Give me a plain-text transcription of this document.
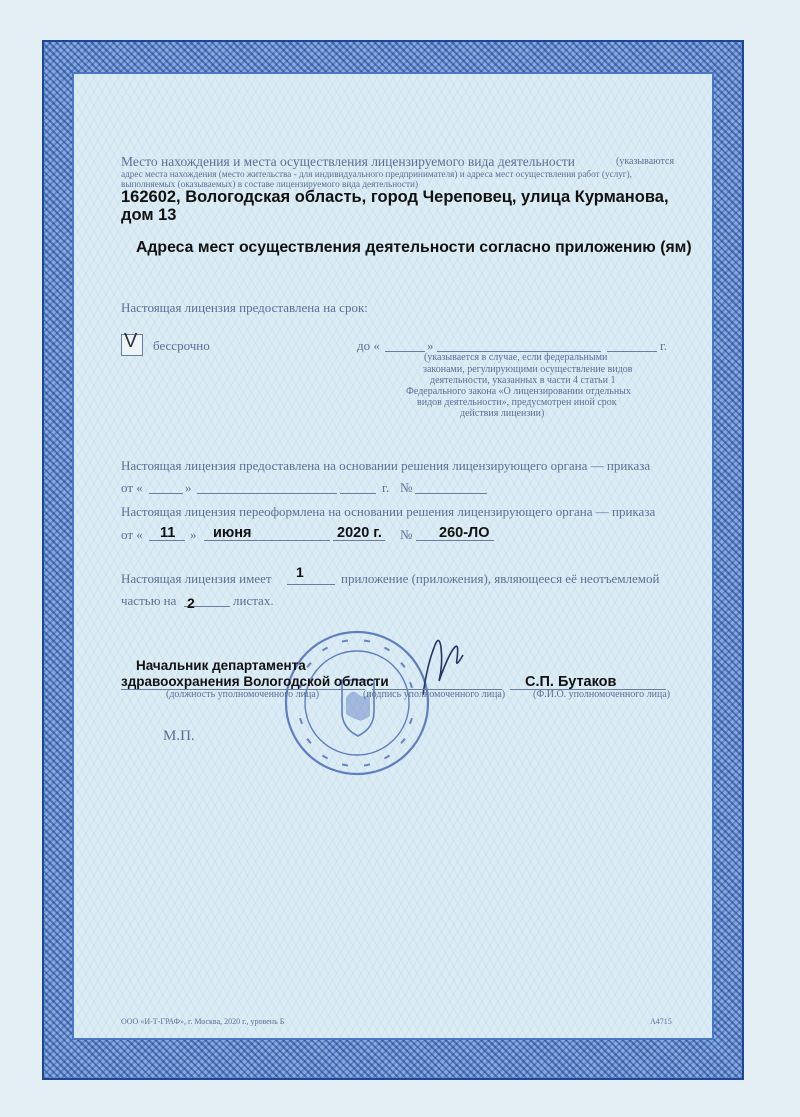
Место нахождения и места осуществления лицензируемого вида деятельности	(указываются
адрес места нахождения (место жительства - для индивидуального предпринимателя) и адреса мест осуществления работ (услуг),
выполняемых (оказываемых) в составе лицензируемого вида деятельности)
162602, Вологодская область, город Череповец, улица Курманова,
дом 13
Адреса мест осуществления деятельности согласно приложению (ям)
Настоящая лицензия предоставлена на срок:
V бессрочно	до «	»	г.
(указывается в случае, если федеральными
законами, регулирующими осуществление видов
деятельности, указанных в части 4 статьи 1
Федерального закона «О лицензировании отдельных
видов деятельности», предусмотрен иной срок
действия лицензии)
Настоящая лицензия предоставлена на основании решения лицензирующего органа — приказа
от «	»	г. №
Настоящая лицензия переоформлена на основании решения лицензирующего органа — приказа
от « 11 » июня	2020 г. № 260-ЛО
Настоящая лицензия имеет 1	приложение (приложения), являющееся её неотъемлемой
частью на 2	листах.
Начальник департамента
здравоохранения Вологодской области	С.П. Бутаков
(должность уполномоченного лица)	(подпись уполномоченного лица)	(Ф.И.О. уполномоченного лица)
М.П.
ООО «И-Т-ГРАФ», г. Москва, 2020 г., уровень Б	А4715
